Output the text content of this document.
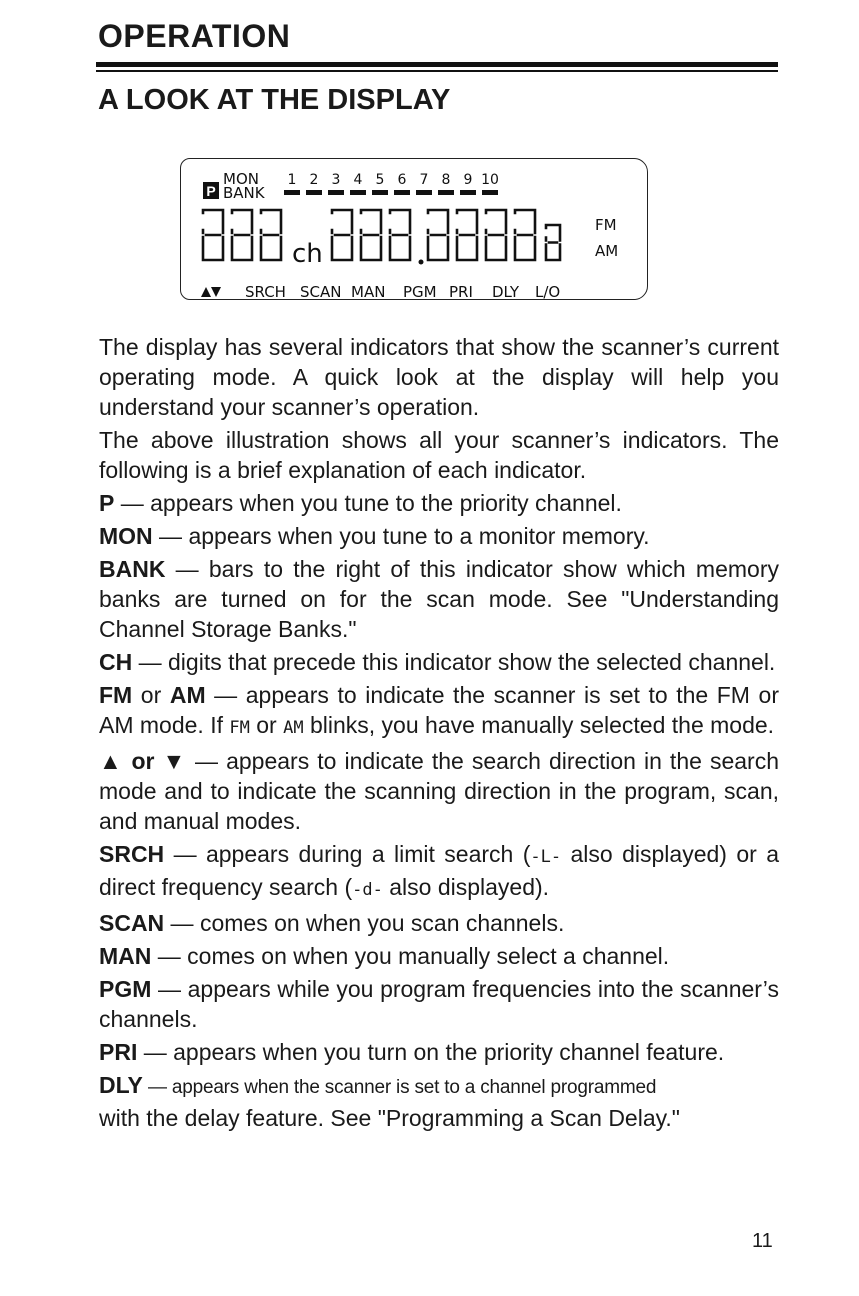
OPERATION
A LOOK AT THE DISPLAY
P
MON
BANK
1 2 3 4 5 6 7 8 9 10
ch
FM
AM
SRCH SCAN MAN PGM PRI DLY L/O

The display has several indicators that show the scanner’s current operating mode. A quick look at the display will help you understand your scanner’s operation.

The above illustration shows all your scanner’s indicators. The following is a brief explanation of each indicator.

P — appears when you tune to the priority channel.

MON — appears when you tune to a monitor memory.

BANK — bars to the right of this indicator show which memory banks are turned on for the scan mode. See "Understanding Channel Storage Banks."

CH — digits that precede this indicator show the selected channel.

FM or AM — appears to indicate the scanner is set to the FM or AM mode. If FM or AM blinks, you have manually selected the mode.

▲ or ▼ — appears to indicate the search direction in the search mode and to indicate the scanning direction in the program, scan, and manual modes.

SRCH — appears during a limit search (-L- also displayed) or a direct frequency search (-d- also displayed).

SCAN — comes on when you scan channels.

MAN — comes on when you manually select a channel.

PGM — appears while you program frequencies into the scanner’s channels.

PRI — appears when you turn on the priority channel feature.

DLY — appears when the scanner is set to a channel programmed
with the delay feature. See "Programming a Scan Delay."

11
